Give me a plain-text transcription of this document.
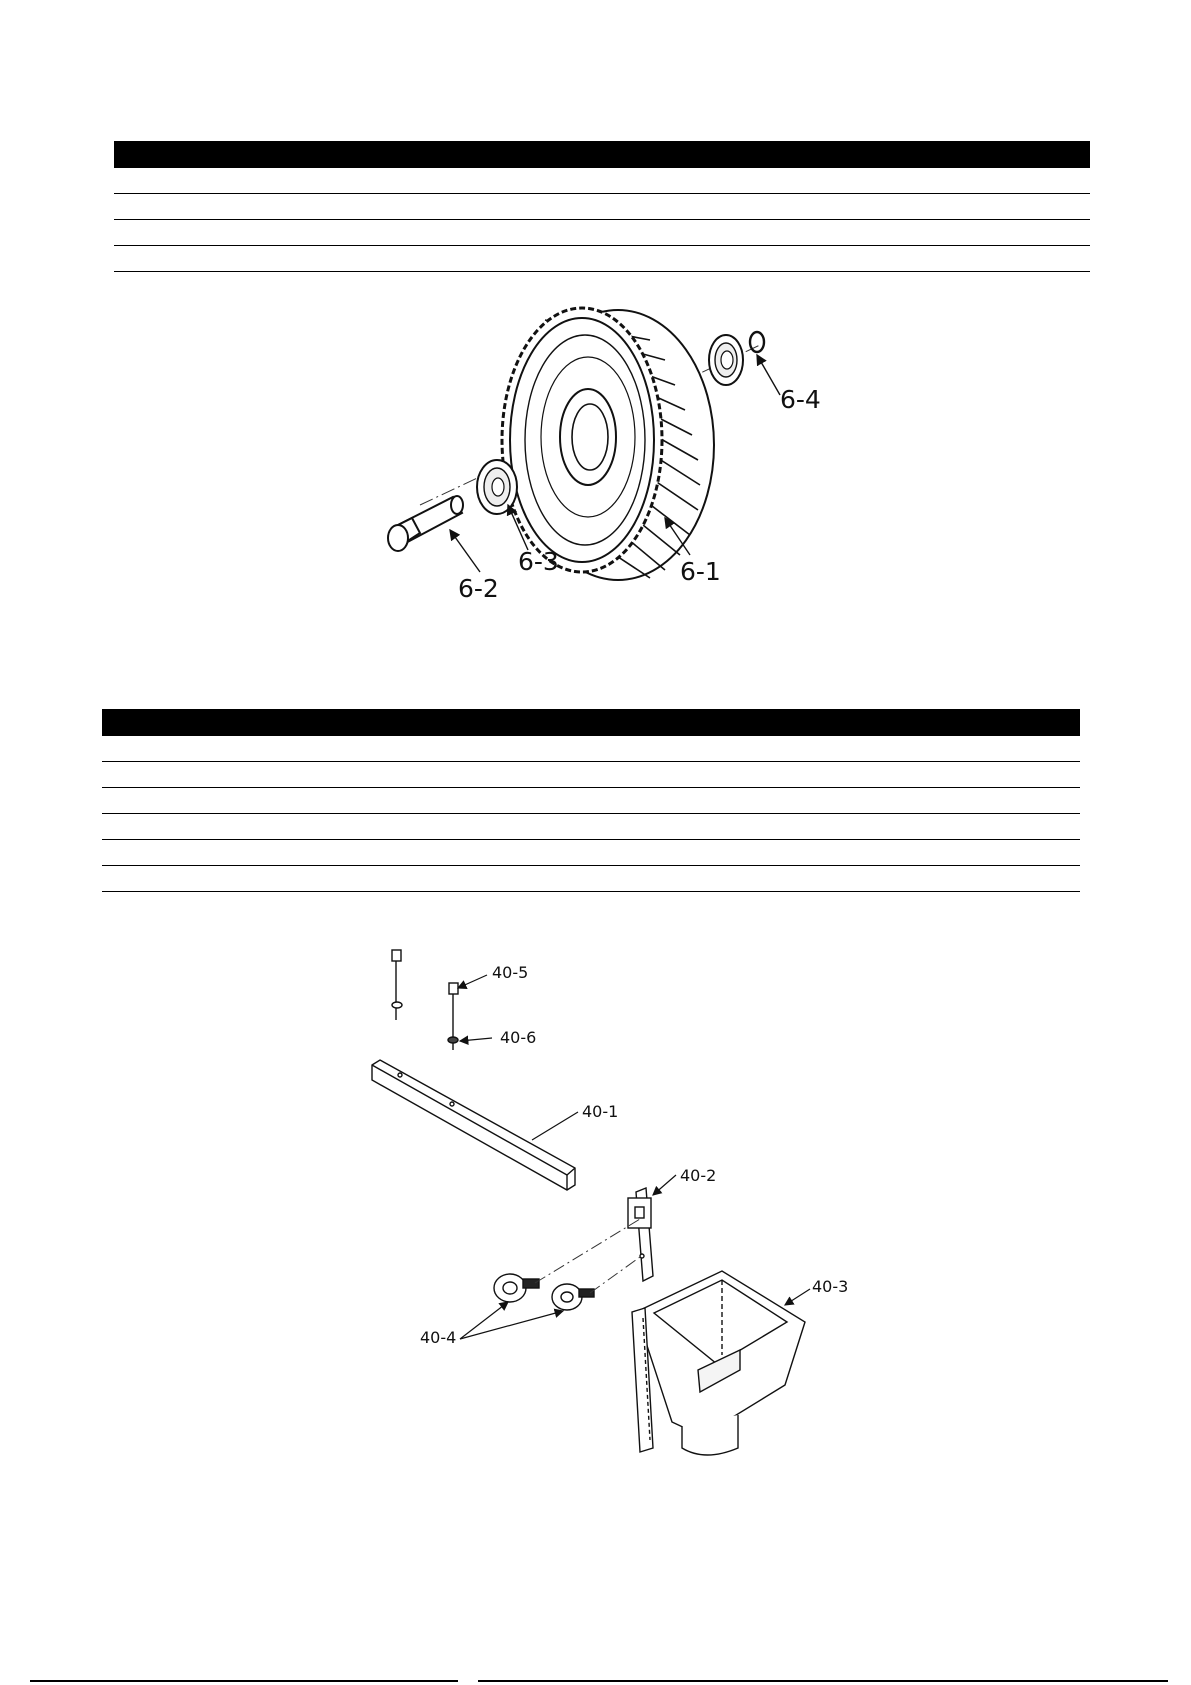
6-4
6-1
6-3
6-2
40-5
40-6
40-1
40-2
40-3
40-4
